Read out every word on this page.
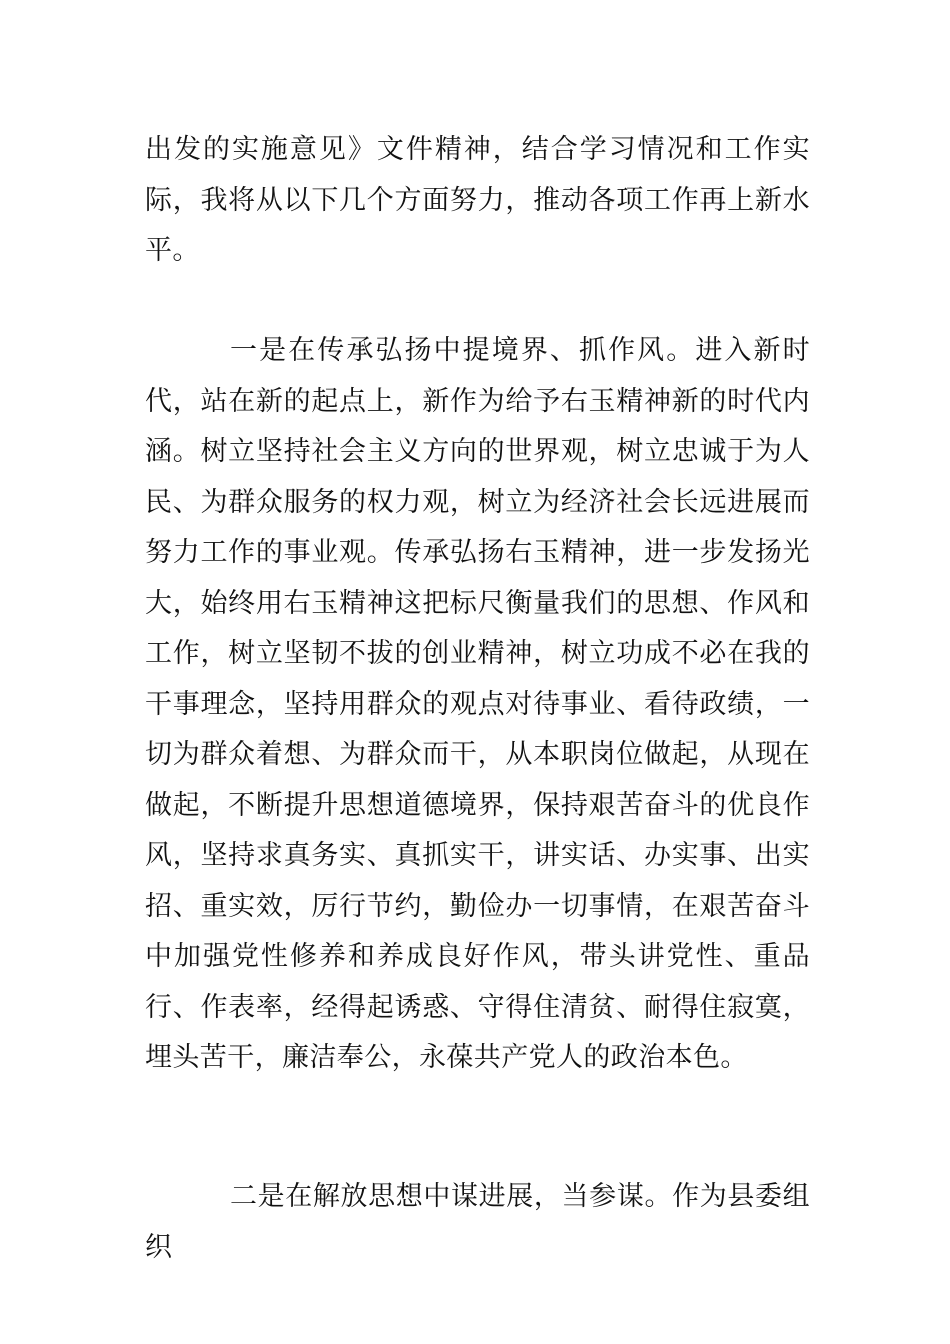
出发的实施意见》文件精神，结合学习情况和工作实际，我将从以下几个方面努力，推动各项工作再上新水平。

一是在传承弘扬中提境界、抓作风。进入新时代，站在新的起点上，新作为给予右玉精神新的时代内涵。树立坚持社会主义方向的世界观，树立忠诚于为人民、为群众服务的权力观，树立为经济社会长远进展而努力工作的事业观。传承弘扬右玉精神，进一步发扬光大，始终用右玉精神这把标尺衡量我们的思想、作风和工作，树立坚韧不拔的创业精神，树立功成不必在我的干事理念，坚持用群众的观点对待事业、看待政绩，一切为群众着想、为群众而干，从本职岗位做起，从现在做起，不断提升思想道德境界，保持艰苦奋斗的优良作风，坚持求真务实、真抓实干，讲实话、办实事、出实招、重实效，厉行节约，勤俭办一切事情，在艰苦奋斗中加强党性修养和养成良好作风，带头讲党性、重品行、作表率，经得起诱惑、守得住清贫、耐得住寂寞，埋头苦干，廉洁奉公，永葆共产党人的政治本色。

二是在解放思想中谋进展，当参谋。作为县委组织
